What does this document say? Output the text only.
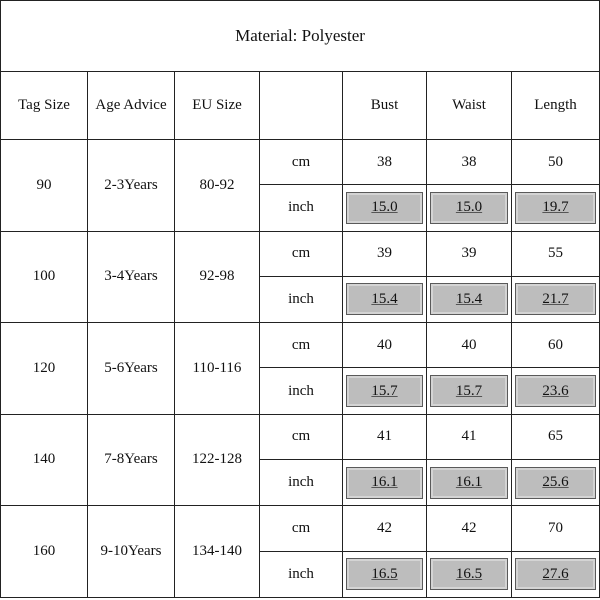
Material: Polyester						
Tag Size	Age Advice	EU Size		Bust	Waist	Length
90	2-3Years	80-92	cm	38	38	50
			inch	15.0	15.0	19.7

100	3-4Years	92-98	cm	39	39	55
			inch	15.4	15.4	21.7

120	5-6Years	110-116	cm	40	40	60
			inch	15.7	15.7	23.6

140	7-8Years	122-128	cm	41	41	65
			inch	16.1	16.1	25.6

160	9-10Years	134-140	cm	42	42	70
			inch	16.5	16.5	27.6
